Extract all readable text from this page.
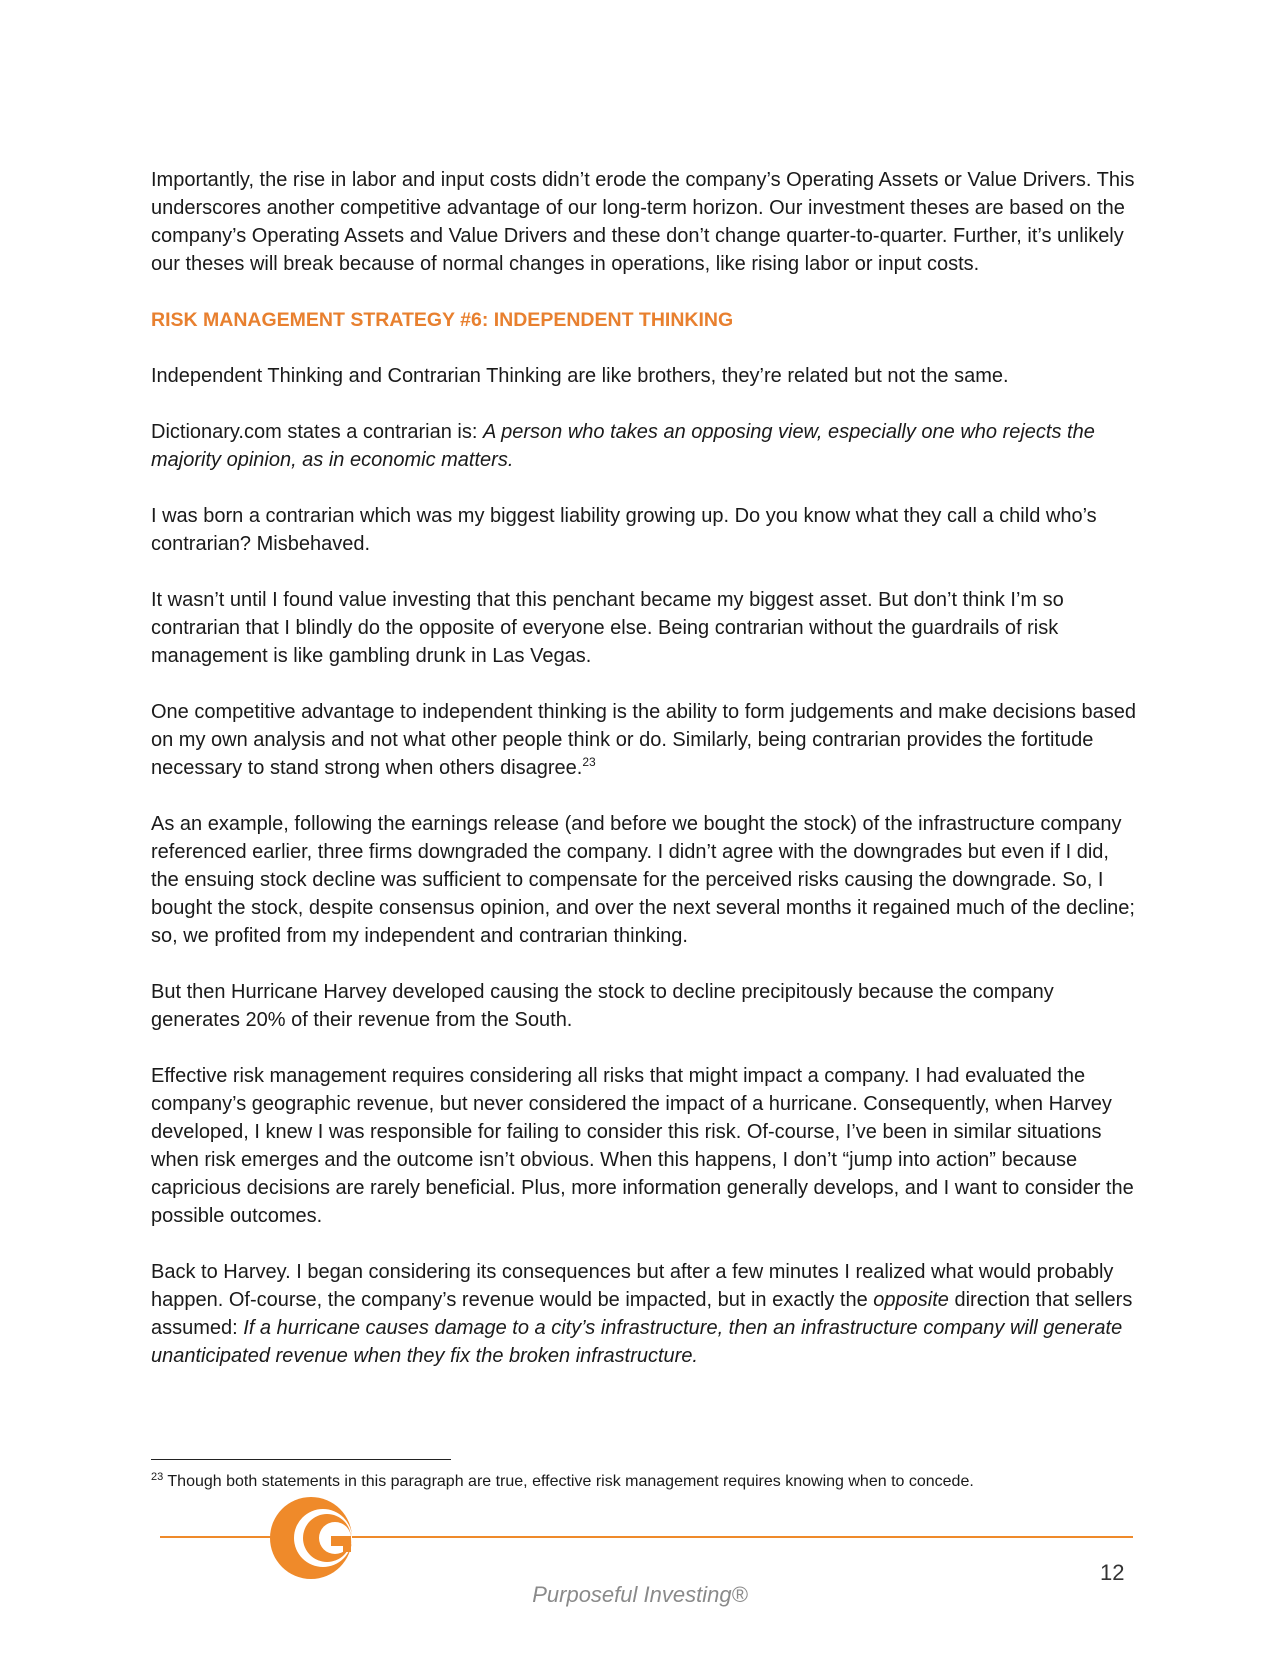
Importantly, the rise in labor and input costs didn’t erode the company’s Operating Assets or Value Drivers. This underscores another competitive advantage of our long-term horizon. Our investment theses are based on the company’s Operating Assets and Value Drivers and these don’t change quarter-to-quarter. Further, it’s unlikely our theses will break because of normal changes in operations, like rising labor or input costs.

RISK MANAGEMENT STRATEGY #6: INDEPENDENT THINKING

Independent Thinking and Contrarian Thinking are like brothers, they’re related but not the same.

Dictionary.com states a contrarian is: A person who takes an opposing view, especially one who rejects the majority opinion, as in economic matters.

I was born a contrarian which was my biggest liability growing up. Do you know what they call a child who’s contrarian? Misbehaved.

It wasn’t until I found value investing that this penchant became my biggest asset. But don’t think I’m so contrarian that I blindly do the opposite of everyone else. Being contrarian without the guardrails of risk management is like gambling drunk in Las Vegas.

One competitive advantage to independent thinking is the ability to form judgements and make decisions based on my own analysis and not what other people think or do. Similarly, being contrarian provides the fortitude necessary to stand strong when others disagree.$^{23}$

As an example, following the earnings release (and before we bought the stock) of the infrastructure company referenced earlier, three firms downgraded the company. I didn’t agree with the downgrades but even if I did, the ensuing stock decline was sufficient to compensate for the perceived risks causing the downgrade. So, I bought the stock, despite consensus opinion, and over the next several months it regained much of the decline; so, we profited from my independent and contrarian thinking.

But then Hurricane Harvey developed causing the stock to decline precipitously because the company generates 20% of their revenue from the South.

Effective risk management requires considering all risks that might impact a company. I had evaluated the company’s geographic revenue, but never considered the impact of a hurricane. Consequently, when Harvey developed, I knew I was responsible for failing to consider this risk. Of-course, I’ve been in similar situations when risk emerges and the outcome isn’t obvious. When this happens, I don’t “jump into action” because capricious decisions are rarely beneficial. Plus, more information generally develops, and I want to consider the possible outcomes.

Back to Harvey. I began considering its consequences but after a few minutes I realized what would probably happen. Of-course, the company’s revenue would be impacted, but in exactly the opposite direction that sellers assumed: If a hurricane causes damage to a city’s infrastructure, then an infrastructure company will generate unanticipated revenue when they fix the broken infrastructure.

$^{23}$ Though both statements in this paragraph are true, effective risk management requires knowing when to concede.
12
Purposeful Investing®
